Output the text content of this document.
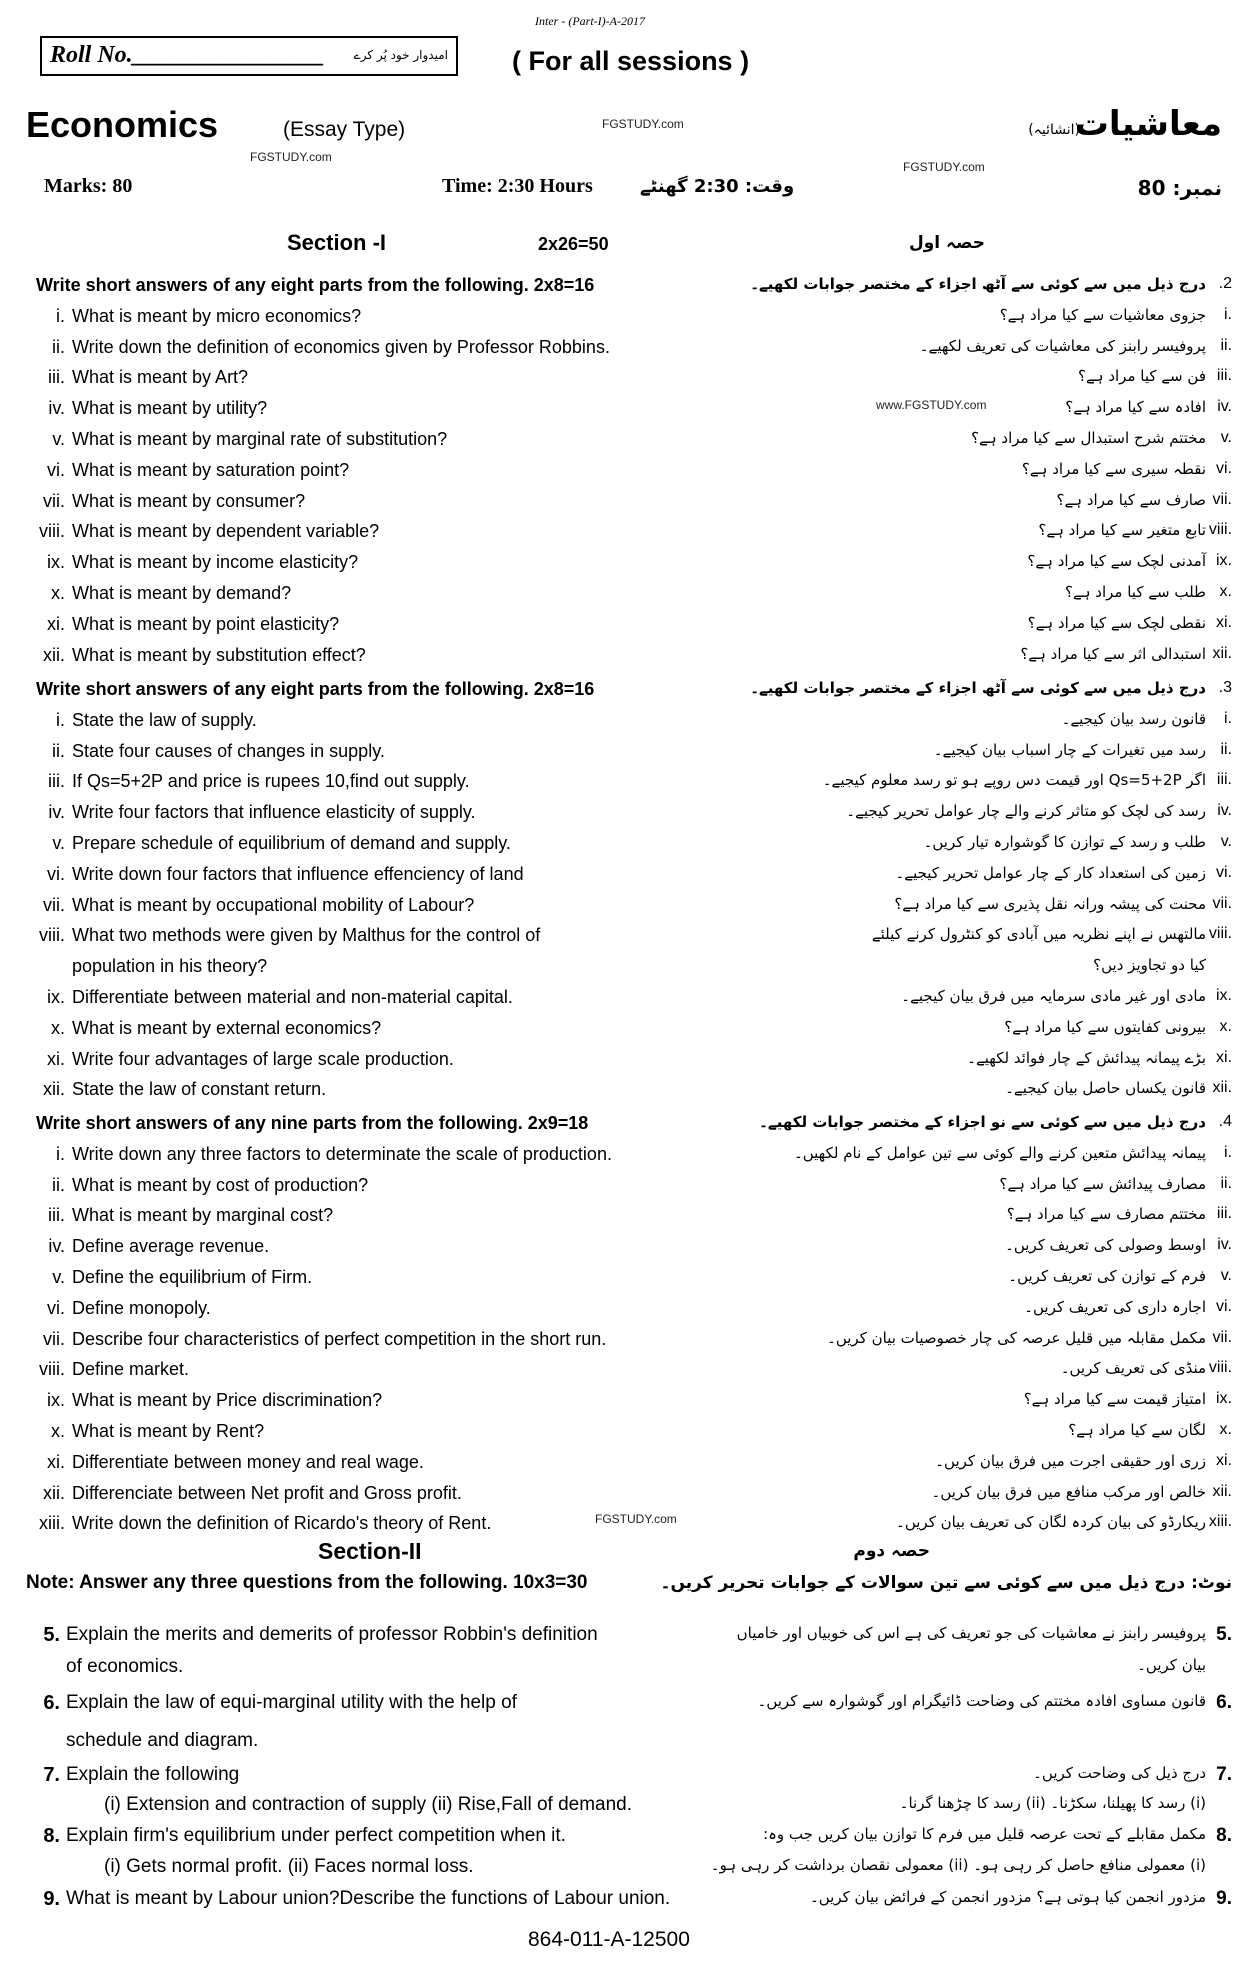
Inter - (Part-I)-A-2017
Roll No.________________ امیدوار خود پُر کرے ( For all sessions )
Economics	(Essay Type)	معاشیات
(انشائیہ)
Marks: 80	Time: 2:30 Hours	وقت: 2:30 گھنٹے	نمبر: 80
FGSTUDY.com
FGSTUDY.com
FGSTUDY.com
www.FGSTUDY.com
FGSTUDY.com
Section -I	2x26=50	حصہ اول
Write short answers of any eight parts from the following. 2x8=16	درج ذیل میں سے کوئی سے آٹھ اجزاء کے مختصر جوابات لکھیے۔ .2
i. What is meant by micro economics?	جزوی معاشیات سے کیا مراد ہے؟ i.
ii. Write down the definition of economics given by Professor Robbins.	پروفیسر رابنز کی معاشیات کی تعریف لکھیے۔ ii.
iii. What is meant by Art?	فن سے کیا مراد ہے؟ iii.
iv. What is meant by utility?	افادہ سے کیا مراد ہے؟ iv.
v. What is meant by marginal rate of substitution?	مختتم شرح استبدال سے کیا مراد ہے؟ v.
vi. What is meant by saturation point?	نقطہ سیری سے کیا مراد ہے؟ vi.
vii. What is meant by consumer?	صارف سے کیا مراد ہے؟ vii.
viii. What is meant by dependent variable?	تابع متغیر سے کیا مراد ہے؟ viii.
ix. What is meant by income elasticity?	آمدنی لچک سے کیا مراد ہے؟ ix.
x. What is meant by demand?	طلب سے کیا مراد ہے؟ x.
xi. What is meant by point elasticity?	نقطی لچک سے کیا مراد ہے؟ xi.
xii. What is meant by substitution effect?	استبدالی اثر سے کیا مراد ہے؟ xii.
Write short answers of any eight parts from the following. 2x8=16	درج ذیل میں سے کوئی سے آٹھ اجزاء کے مختصر جوابات لکھیے۔ .3
i. State the law of supply.	قانون رسد بیان کیجیے۔ i.
ii. State four causes of changes in supply.	رسد میں تغیرات کے چار اسباب بیان کیجیے۔ ii.
iii. If Qs=5+2P and price is rupees 10,find out supply.	اگر Qs=5+2P اور قیمت دس روپے ہو تو رسد معلوم کیجیے۔ iii.
iv. Write four factors that influence elasticity of supply.	رسد کی لچک کو متاثر کرنے والے چار عوامل تحریر کیجیے۔ iv.
v. Prepare schedule of equilibrium of demand and supply.	طلب و رسد کے توازن کا گوشوارہ تیار کریں۔ v.
vi. Write down four factors that influence effenciency of land	زمین کی استعداد کار کے چار عوامل تحریر کیجیے۔ vi.
vii. What is meant by occupational mobility of Labour?	محنت کی پیشہ ورانہ نقل پذیری سے کیا مراد ہے؟ vii.
viii. What two methods were given by Malthus for the control of	مالتھس نے اپنے نظریہ میں آبادی کو کنٹرول کرنے کیلئے viii.
population in his theory?	کیا دو تجاویز دیں؟
ix. Differentiate between material and non-material capital.	مادی اور غیر مادی سرمایہ میں فرق بیان کیجیے۔ ix.
x. What is meant by external economics?	بیرونی کفایتوں سے کیا مراد ہے؟ x.
xi. Write four advantages of large scale production.	بڑے پیمانہ پیدائش کے چار فوائد لکھیے۔ xi.
xii. State the law of constant return.	قانون یکساں حاصل بیان کیجیے۔ xii.
Write short answers of any nine parts from the following. 2x9=18	درج ذیل میں سے کوئی سے نو اجزاء کے مختصر جوابات لکھیے۔ .4
i. Write down any three factors to determinate the scale of production.	پیمانہ پیدائش متعین کرنے والے کوئی سے تین عوامل کے نام لکھیں۔ i.
ii. What is meant by cost of production?	مصارف پیدائش سے کیا مراد ہے؟ ii.
iii. What is meant by marginal cost?	مختتم مصارف سے کیا مراد ہے؟ iii.
iv. Define average revenue.	اوسط وصولی کی تعریف کریں۔ iv.
v. Define the equilibrium of Firm.	فرم کے توازن کی تعریف کریں۔ v.
vi. Define monopoly.	اجارہ داری کی تعریف کریں۔ vi.
vii. Describe four characteristics of perfect competition in the short run.	مکمل مقابلہ میں قلیل عرصہ کی چار خصوصیات بیان کریں۔ vii.
viii. Define market.	منڈی کی تعریف کریں۔ viii.
ix. What is meant by Price discrimination?	امتیاز قیمت سے کیا مراد ہے؟ ix.
x. What is meant by Rent?	لگان سے کیا مراد ہے؟ x.
xi. Differentiate between money and real wage.	زری اور حقیقی اجرت میں فرق بیان کریں۔ xi.
xii. Differenciate between Net profit and Gross profit.	خالص اور مرکب منافع میں فرق بیان کریں۔ xii.
xiii. Write down the definition of Ricardo's theory of Rent.	ریکارڈو کی بیان کردہ لگان کی تعریف بیان کریں۔ xiii.
Section-II	حصہ دوم
Note: Answer any three questions from the following. 10x3=30	نوٹ: درج ذیل میں سے کوئی سے تین سوالات کے جوابات تحریر کریں۔
5. Explain the merits and demerits of professor Robbin's definition	پروفیسر رابنز نے معاشیات کی جو تعریف کی ہے اس کی خوبیاں اور خامیاں 5.
of economics.	بیان کریں۔
6. Explain the law of equi-marginal utility with the help of	قانون مساوی افادہ مختتم کی وضاحت ڈائیگرام اور گوشوارہ سے کریں۔ 6.
schedule and diagram.
7. Explain the following	درج ذیل کی وضاحت کریں۔ 7.
(i) Extension and contraction of supply (ii) Rise,Fall of demand.	(i) رسد کا پھیلنا، سکڑنا۔ (ii) رسد کا چڑھنا گرنا۔
8. Explain firm's equilibrium under perfect competition when it.	مکمل مقابلے کے تحت عرصہ قلیل میں فرم کا توازن بیان کریں جب وہ: 8.
(i) Gets normal profit. (ii) Faces normal loss.	(i) معمولی منافع حاصل کر رہی ہو۔ (ii) معمولی نقصان برداشت کر رہی ہو۔
9. What is meant by Labour union?Describe the functions of Labour union.	مزدور انجمن کیا ہوتی ہے؟ مزدور انجمن کے فرائض بیان کریں۔ 9.
864-011-A-12500
